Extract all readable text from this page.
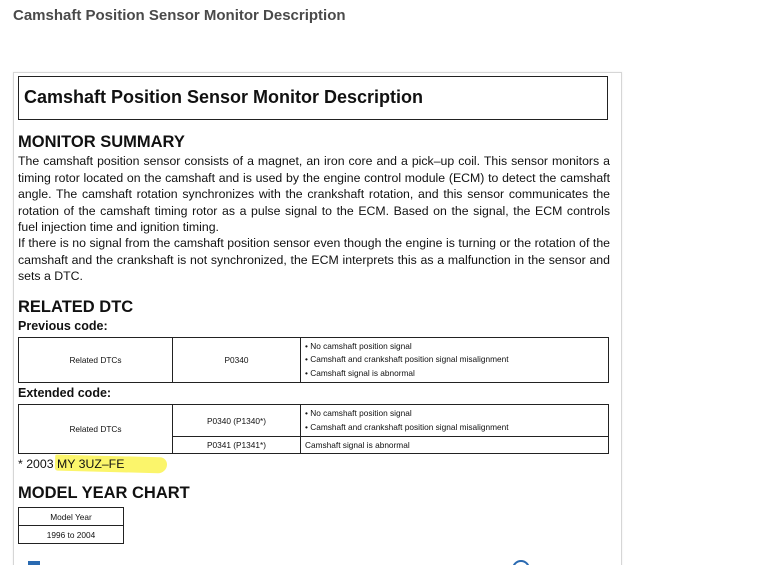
Camshaft Position Sensor Monitor Description
Camshaft Position Sensor Monitor Description
MONITOR SUMMARY
The camshaft position sensor consists of a magnet, an iron core and a pick–up coil. This sensor monitors a timing rotor located on the camshaft and is used by the engine control module (ECM) to detect the camshaft angle. The camshaft rotation synchronizes with the crankshaft rotation, and this sensor communicates the rotation of the camshaft timing rotor as a pulse signal to the ECM. Based on the signal, the ECM controls fuel injection time and ignition timing.
If there is no signal from the camshaft position sensor even though the engine is turning or the rotation of the camshaft and the crankshaft is not synchronized, the ECM interprets this as a malfunction in the sensor and sets a DTC.
RELATED DTC
Previous code:
Related DTCs	P0340	
• No camshaft position signal
• Camshaft and crankshaft position signal misalignment
• Camshaft signal is abnormal
Extended code:
Related DTCs	P0340 (P1340*)	• No camshaft position signal
• Camshaft and crankshaft position signal misalignment

	P0341 (P1341*)	Camshaft signal is abnormal
* 2003 MY 3UZ–FE
MODEL YEAR CHART
Model Year
1996 to 2004
